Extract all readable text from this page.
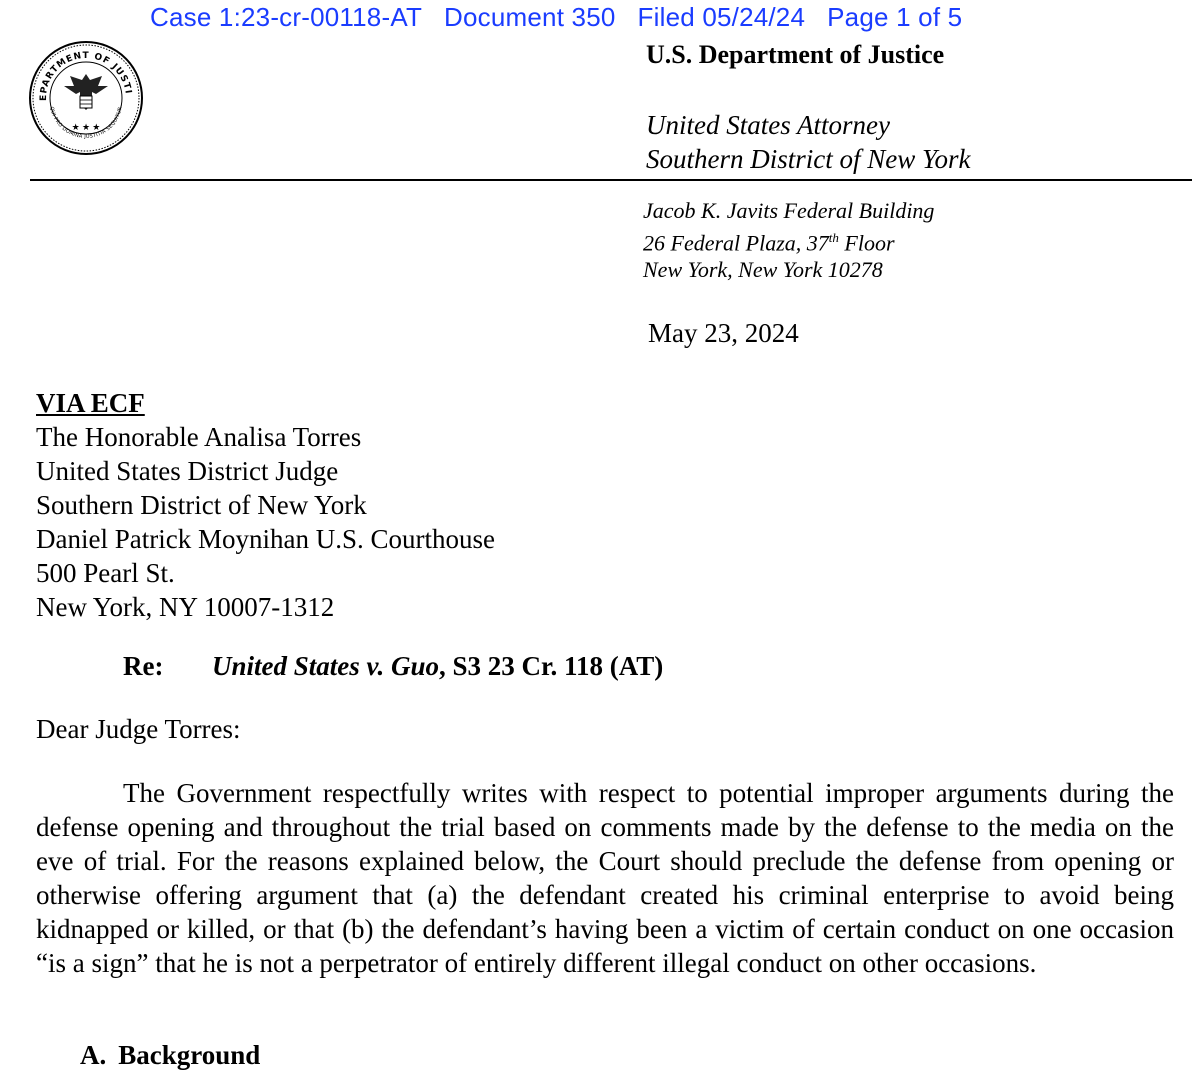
Case 1:23-cr-00118-AT Document 350 Filed 05/24/24 Page 1 of 5
EPARTMENT OF JUSTI
QUI PRO DOMINA JUSTITIA SEQUITUR
★ ★ ★
U.S. Department of Justice
United States Attorney
Southern District of New York
Jacob K. Javits Federal Building
26 Federal Plaza, 37th Floor
New York, New York 10278
May 23, 2024
VIA ECF
The Honorable Analisa Torres
United States District Judge
Southern District of New York
Daniel Patrick Moynihan U.S. Courthouse
500 Pearl St.
New York, NY 10007-1312
Re: United States v. Guo, S3 23 Cr. 118 (AT)
Dear Judge Torres:
The Government respectfully writes with respect to potential improper arguments during the defense opening and throughout the trial based on comments made by the defense to the media on the eve of trial. For the reasons explained below, the Court should preclude the defense from opening or otherwise offering argument that (a) the defendant created his criminal enterprise to avoid being kidnapped or killed, or that (b) the defendant’s having been a victim of certain conduct on one occasion “is a sign” that he is not a perpetrator of entirely different illegal conduct on other occasions.
A. Background
